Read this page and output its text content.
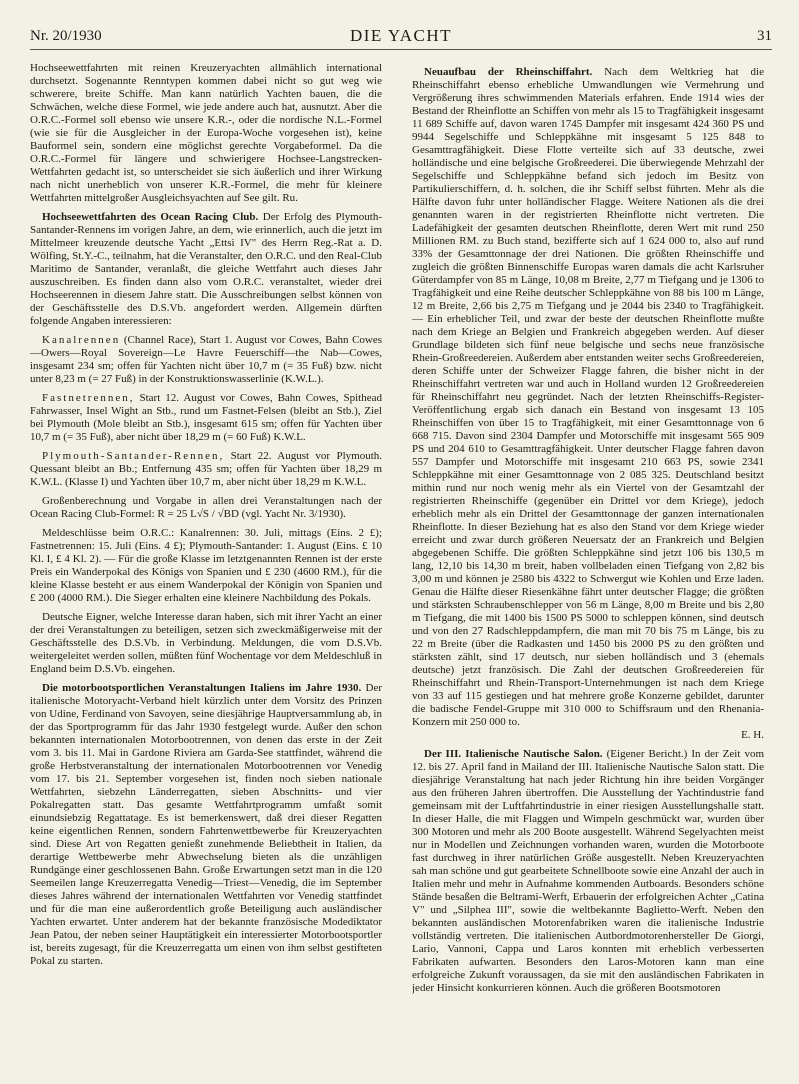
Nr. 20/1930	DIE YACHT	31

Hochseewettfahrten mit reinen Kreuzeryachten allmählich international durchsetzt. Sogenannte Renntypen kommen dabei nicht so gut weg wie schwerere, breite Schiffe. Man kann natürlich Yachten bauen, die die Schwächen, welche diese Formel, wie jede andere auch hat, ausnutzt. Aber die O.R.C.-Formel soll ebenso wie unsere K.R.-, oder die nordische N.L.-Formel (wie sie für die Ausgleicher in der Europa-Woche vorgesehen ist), keine Bauformel sein, sondern eine möglichst gerechte Vorgabeformel. Da die O.R.C.-Formel für längere und schwierigere Hochsee-Langstrecken-Wettfahrten gedacht ist, so unterscheidet sie sich äußerlich und ihrer Wirkung nach nicht unerheblich von unserer K.R.-Formel, die mehr für kleinere Wettfahrten mittelgroßer Ausgleichsyachten auf See gilt. Ru.

Hochseewettfahrten des Ocean Racing Club. Der Erfolg des Plymouth-Santander-Rennens im vorigen Jahre, an dem, wie erinnerlich, auch die jetzt im Mittelmeer kreuzende deutsche Yacht „Ettsi IV" des Herrn Reg.-Rat a. D. Wölfing, St.Y.-C., teilnahm, hat die Veranstalter, den O.R.C. und den Real-Club Maritimo de Santander, veranlaßt, die gleiche Wettfahrt auch dieses Jahr auszuschreiben. Es finden dann also vom O.R.C. veranstaltet, wieder drei Hochseerennen in diesem Jahre statt. Die Ausschreibungen selbst können von der Geschäftsstelle des D.S.Vb. angefordert werden. Allgemein dürften folgende Angaben interessieren:

Kanalrennen (Channel Race), Start 1. August vor Cowes, Bahn Cowes—Owers—Royal Sovereign—Le Havre Feuerschiff—the Nab—Cowes, insgesamt 234 sm; offen für Yachten nicht über 10,7 m (= 35 Fuß) bzw. nicht unter 8,23 m (= 27 Fuß) in der Konstruktionswasserlinie (K.W.L.).

Fastnetrennen, Start 12. August vor Cowes, Bahn Cowes, Spithead Fahrwasser, Insel Wight an Stb., rund um Fastnet-Felsen (bleibt an Stb.), Ziel bei Plymouth (Mole bleibt an Stb.), insgesamt 615 sm; offen für Yachten über 10,7 m (= 35 Fuß), aber nicht über 18,29 m (= 60 Fuß) K.W.L.

Plymouth-Santander-Rennen, Start 22. August vor Plymouth. Quessant bleibt an Bb.; Entfernung 435 sm; offen für Yachten über 18,29 m K.W.L. (Klasse I) und Yachten über 10,7 m, aber nicht über 18,29 m K.W.L.

Großenberechnung und Vorgabe in allen drei Veranstaltungen nach der Ocean Racing Club-Formel: R = 25 L√S / √BD (vgl. Yacht Nr. 3/1930).

Meldeschlüsse beim O.R.C.: Kanalrennen: 30. Juli, mittags (Eins. 2 £); Fastnetrennen: 15. Juli (Eins. 4 £); Plymouth-Santander: 1. August (Eins. £ 10 Kl. I, £ 4 Kl. 2). — Für die große Klasse im letztgenannten Rennen ist der erste Preis ein Wanderpokal des Königs von Spanien und £ 230 (4600 RM.), für die kleine Klasse besteht er aus einem Wanderpokal der Königin von Spanien und £ 200 (4000 RM.). Die Sieger erhalten eine kleinere Nachbildung des Pokals.

Deutsche Eigner, welche Interesse daran haben, sich mit ihrer Yacht an einer der drei Veranstaltungen zu beteiligen, setzen sich zweckmäßigerweise mit der Geschäftsstelle des D.S.Vb. in Verbindung. Meldungen, die vom D.S.Vb. weitergeleitet werden sollen, müßten fünf Wochentage vor dem Meldeschluß in England beim D.S.Vb. eingehen.

Die motorbootsportlichen Veranstaltungen Italiens im Jahre 1930. Der italienische Motoryacht-Verband hielt kürzlich unter dem Vorsitz des Prinzen von Udine, Ferdinand von Savoyen, seine diesjährige Hauptversammlung ab, in der das Sportprogramm für das Jahr 1930 festgelegt wurde. Außer den schon bekannten internationalen Motorbootrennen, von denen das erste in der Zeit vom 3. bis 11. Mai in Gardone Riviera am Garda-See stattfindet, während die große Herbstveranstaltung der internationalen Motorbootrennen vor Venedig vom 17. bis 21. September vorgesehen ist, finden noch sieben nationale Wettfahrten, siebzehn Länderregatten, sieben Abschnitts- und vier Pokalregatten statt. Das gesamte Wettfahrtprogramm umfaßt somit einundsiebzig Regattatage. Es ist bemerkenswert, daß drei dieser Regatten keine eigentlichen Rennen, sondern Fahrtenwettbewerbe für Kreuzeryachten sind. Diese Art von Regatten genießt zunehmende Beliebtheit in Italien, da derartige Wettbewerbe mehr Abwechselung bieten als die unzähligen Rundgänge einer geschlossenen Bahn. Große Erwartungen setzt man in die 120 Seemeilen lange Kreuzerregatta Venedig—Triest—Venedig, die im September dieses Jahres während der internationalen Wettfahrten vor Venedig stattfindet und für die man eine außerordentlich große Beteiligung auch ausländischer Yachten erwartet. Unter anderem hat der bekannte französische Modediktator Jean Patou, der neben seiner Hauptätigkeit ein interessierter Motorbootsportler ist, bereits zugesagt, für die Kreuzerregatta um einen von ihm selbst gestifteten Pokal zu starten.

Neuaufbau der Rheinschiffahrt. Nach dem Weltkrieg hat die Rheinschiffahrt ebenso erhebliche Umwandlungen wie Vermehrung und Vergrößerung ihres schwimmenden Materials erfahren. Ende 1914 wies der Bestand der Rheinflotte an Schiffen von mehr als 15 to Tragfähigkeit insgesamt 11 689 Schiffe auf, davon waren 1745 Dampfer mit insgesamt 424 360 PS und 9944 Segelschiffe und Schleppkähne mit insgesamt 5 125 848 to Gesamttragfähigkeit. Diese Flotte verteilte sich auf 33 deutsche, zwei holländische und eine belgische Großreederei. Die überwiegende Mehrzahl der Segelschiffe und Schleppkähne befand sich jedoch im Besitz von Partikulierschiffern, d. h. solchen, die ihr Schiff selbst führten. Mehr als die Hälfte davon fuhr unter holländischer Flagge. Weitere Nationen als die drei genannten waren in der registrierten Rheinflotte nicht vertreten. Die Ladefähigkeit der gesamten deutschen Rheinflotte, deren Wert mit rund 250 Millionen RM. zu Buch stand, bezifferte sich auf 1 624 000 to, also auf rund 33% der Gesamttonnage der drei Nationen. Die größten Rheinschiffe und zugleich die größten Binnenschiffe Europas waren damals die acht Karlsruher Güterdampfer von 85 m Länge, 10,08 m Breite, 2,77 m Tiefgang und je 1306 to Tragfähigkeit und eine Reihe deutscher Schleppkähne von 88 bis 100 m Länge, 12 m Breite, 2,66 bis 2,75 m Tiefgang und je 2044 bis 2340 to Tragfähigkeit. — Ein erheblicher Teil, und zwar der beste der deutschen Rheinflotte mußte nach dem Kriege an Belgien und Frankreich abgegeben werden. Auf dieser Grundlage bildeten sich fünf neue belgische und sechs neue französische Rhein-Großreedereien. Außerdem aber entstanden weiter sechs Großreedereien, deren Schiffe unter der Schweizer Flagge fahren, die bisher nicht in der Rheinschiffahrt vertreten war und auch in Holland wurden 12 Großreedereien für Rheinschiffahrt neu gegründet. Nach der letzten Rheinschiffs-Register-Veröffentlichung ergab sich danach ein Bestand von insgesamt 13 105 Rheinschiffen von über 15 to Tragfähigkeit, mit einer Gesamttonnage von 6 668 715. Davon sind 2304 Dampfer und Motorschiffe mit insgesamt 565 909 PS und 204 610 to Gesamttragfähigkeit. Unter deutscher Flagge fahren davon 557 Dampfer und Motorschiffe mit insgesamt 210 663 PS, sowie 2341 Schleppkähne mit einer Gesamttonnage von 2 085 325. Deutschland besitzt mithin rund nur noch wenig mehr als ein Viertel von der Gesamtzahl der registrierten Rheinschiffe (gegenüber ein Drittel vor dem Kriege), jedoch erheblich mehr als ein Drittel der Gesamttonnage der ganzen internationalen Rheinflotte. In dieser Beziehung hat es also den Stand vor dem Kriege wieder erreicht und zwar durch größeren Neuersatz der an Frankreich und Belgien abgegebenen Schiffe. Die größten Schleppkähne sind jetzt 106 bis 130,5 m lang, 12,10 bis 14,30 m breit, haben vollbeladen einen Tiefgang von 2,82 bis 3,00 m und können je 2580 bis 4322 to Schwergut wie Kohlen und Erze laden. Genau die Hälfte dieser Riesenkähne fährt unter deutscher Flagge; die größten und stärksten Schraubenschlepper von 56 m Länge, 8,00 m Breite und bis 2,80 m Tiefgang, die mit 1400 bis 1500 PS 5000 to schleppen können, sind deutsch und von den 27 Radschleppdampfern, die man mit 70 bis 75 m Länge, bis zu 22 m Breite (über die Radkasten und 1450 bis 2000 PS zu den größten und stärksten zählt, sind 17 deutsch, nur sieben holländisch und 3 (ehemals deutsche) jetzt französisch. Die Zahl der deutschen Großreedereien für Rheinschiffahrt und Rhein-Transport-Unternehmungen ist nach dem Kriege von 33 auf 115 gestiegen und hat mehrere große Konzerne gebildet, darunter die badische Fendel-Gruppe mit 310 000 to Schiffsraum und den Rhenania-Konzern mit 250 000 to.
E. H.

Der III. Italienische Nautische Salon. (Eigener Bericht.) In der Zeit vom 12. bis 27. April fand in Mailand der III. Italienische Nautische Salon statt. Die diesjährige Veranstaltung hat nach jeder Richtung hin ihre beiden Vorgänger aus den früheren Jahren übertroffen. Die Ausstellung der Yachtindustrie fand gemeinsam mit der Luftfahrtindustrie in einer riesigen Ausstellungshalle statt. In dieser Halle, die mit Flaggen und Wimpeln geschmückt war, wurden über 300 Motoren und mehr als 200 Boote ausgestellt. Während Segelyachten meist nur in Modellen und Zeichnungen vorhanden waren, wurden die Motorboote fast durchweg in ihrer natürlichen Größe ausgestellt. Neben Kreuzeryachten sah man schöne und gut gearbeitete Schnellboote sowie eine Anzahl der auch in Italien mehr und mehr in Aufnahme kommenden Autboards. Besonders schöne Stände besaßen die Beltrami-Werft, Erbauerin der erfolgreichen Achter „Catina V" und „Silphea III", sowie die weltbekannte Baglietto-Werft. Neben den bekannten ausländischen Motorenfabriken waren die italienische Industrie vollständig vertreten. Die italienischen Autbordmotorenhersteller De Giorgi, Lario, Vannoni, Cappa und Laros konnten mit erheblich verbesserten Fabrikaten aufwarten. Besonders den Laros-Motoren kann man eine erfolgreiche Zukunft voraussagen, da sie mit den ausländischen Fabrikaten in jeder Hinsicht konkurrieren können. Auch die größeren Bootsmotoren
